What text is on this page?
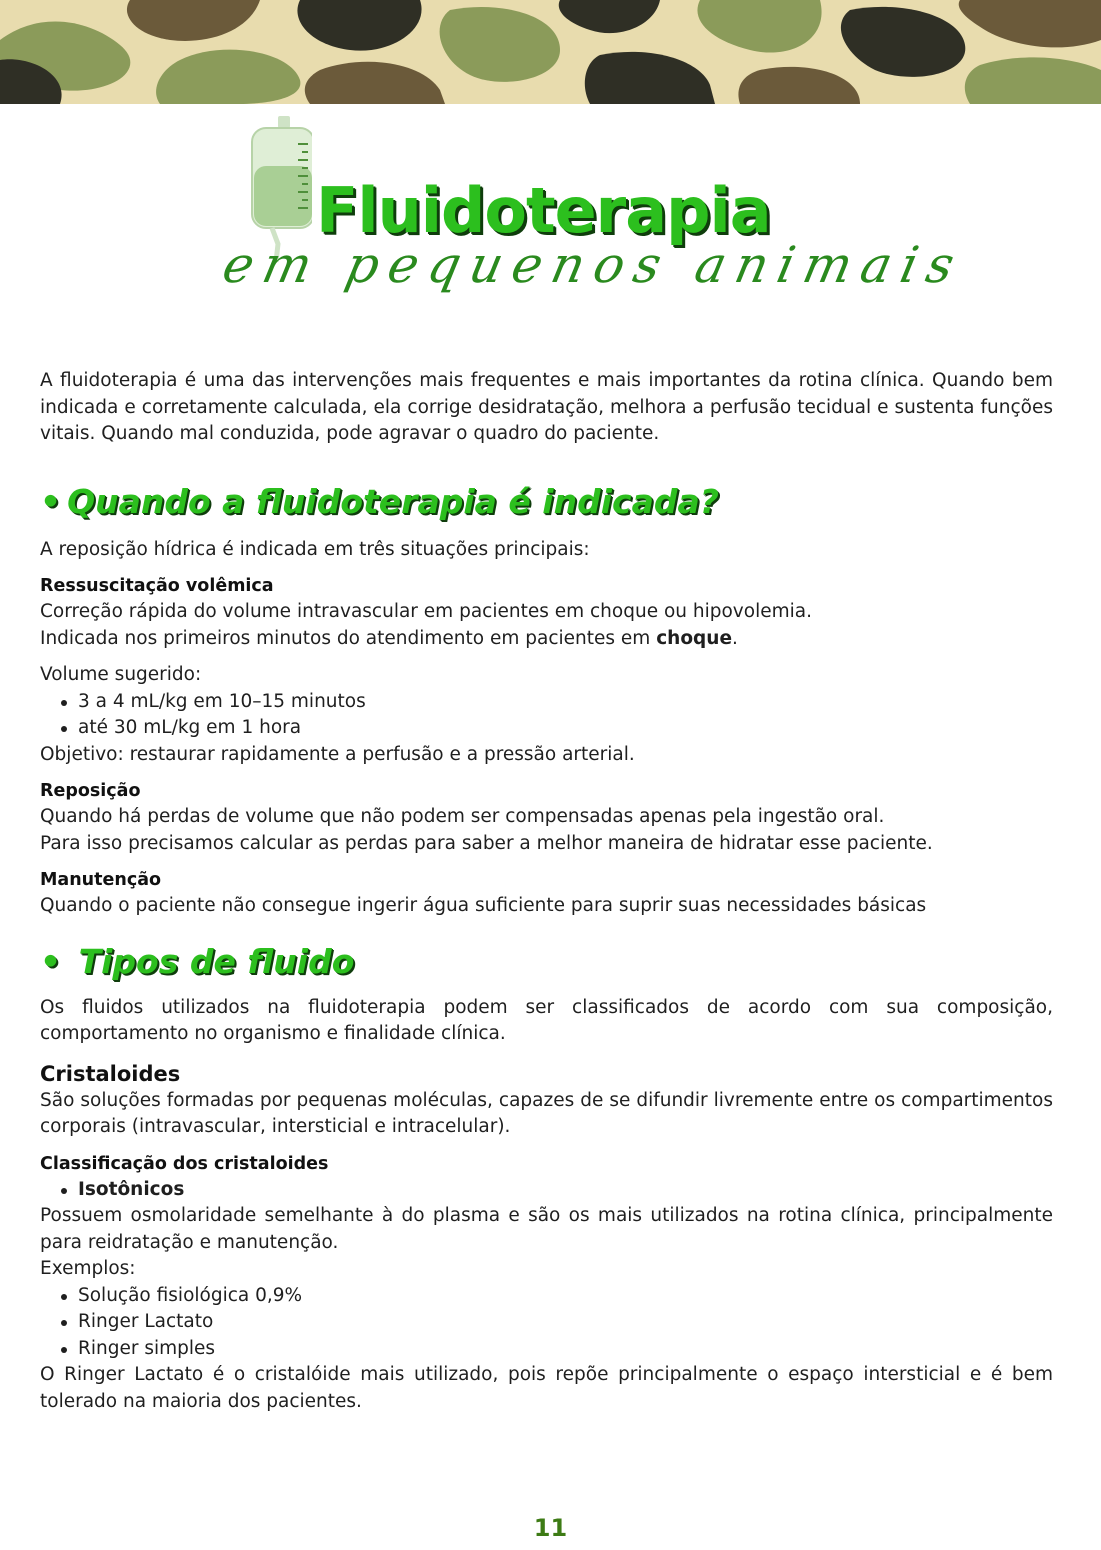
Fluidoterapia
em pequenos animais

A fluidoterapia é uma das intervenções mais frequentes e mais importantes da rotina clínica. Quando bem indicada e corretamente calculada, ela corrige desidratação, melhora a perfusão tecidual e sustenta funções vitais. Quando mal conduzida, pode agravar o quadro do paciente.

• Quando a fluidoterapia é indicada?

A reposição hídrica é indicada em três situações principais:

Ressuscitação volêmica

Correção rápida do volume intravascular em pacientes em choque ou hipovolemia.

Indicada nos primeiros minutos do atendimento em pacientes em choque.

Volume sugerido:

3 a 4 mL/kg em 10–15 minutos
até 30 mL/kg em 1 hora

Objetivo: restaurar rapidamente a perfusão e a pressão arterial.

Reposição

Quando há perdas de volume que não podem ser compensadas apenas pela ingestão oral.

Para isso precisamos calcular as perdas para saber a melhor maneira de hidratar esse paciente.

Manutenção

Quando o paciente não consegue ingerir água suficiente para suprir suas necessidades básicas

• Tipos de fluido

Os fluidos utilizados na fluidoterapia podem ser classificados de acordo com sua composição, comportamento no organismo e finalidade clínica.

Cristaloides

São soluções formadas por pequenas moléculas, capazes de se difundir livremente entre os compartimentos corporais (intravascular, intersticial e intracelular).

Classificação dos cristaloides
Isotônicos

Possuem osmolaridade semelhante à do plasma e são os mais utilizados na rotina clínica, principalmente para reidratação e manutenção.

Exemplos:

Solução fisiológica 0,9%
Ringer Lactato
Ringer simples

O Ringer Lactato é o cristalóide mais utilizado, pois repõe principalmente o espaço intersticial e é bem tolerado na maioria dos pacientes.

11
